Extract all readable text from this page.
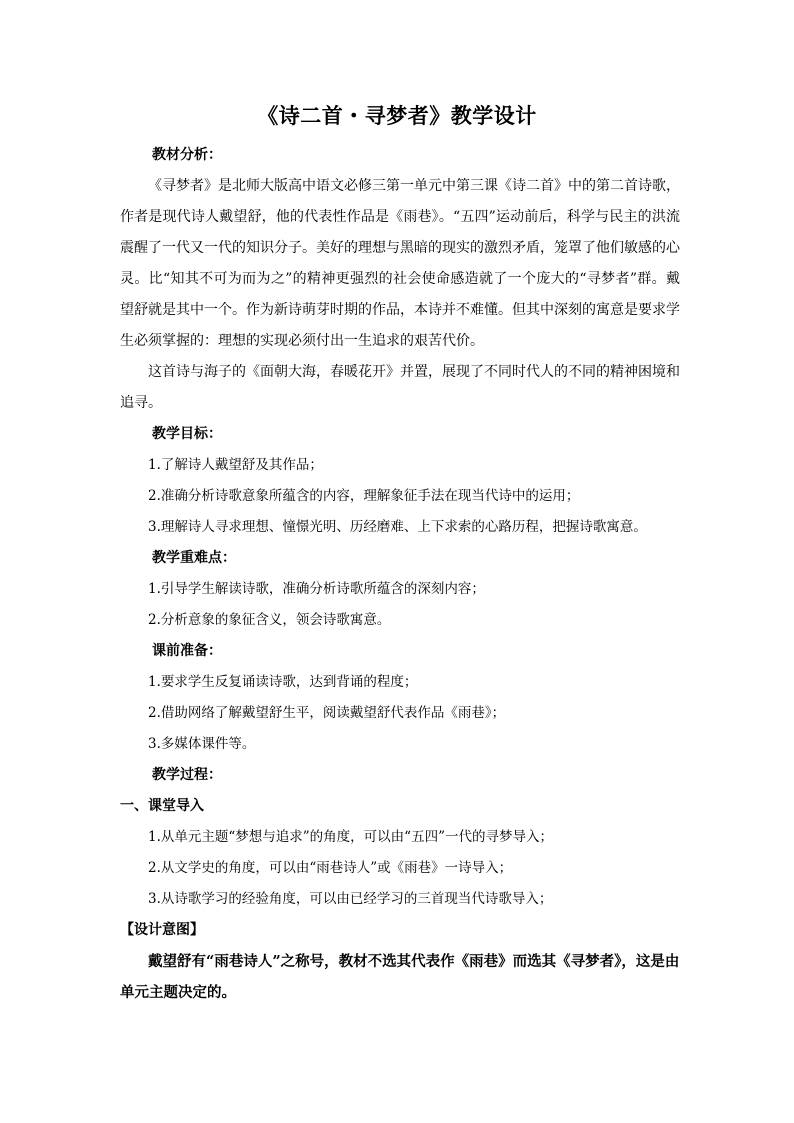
《诗二首・寻梦者》教学设计
教材分析：
《寻梦者》是北师大版高中语文必修三第一单元中第三课《诗二首》中的第二首诗歌，作者是现代诗人戴望舒，他的代表性作品是《雨巷》。“五四”运动前后，科学与民主的洪流震醒了一代又一代的知识分子。美好的理想与黑暗的现实的激烈矛盾，笼罩了他们敏感的心灵。比“知其不可为而为之”的精神更强烈的社会使命感造就了一个庞大的“寻梦者”群。戴望舒就是其中一个。作为新诗萌芽时期的作品，本诗并不难懂。但其中深刻的寓意是要求学生必须掌握的：理想的实现必须付出一生追求的艰苦代价。
这首诗与海子的《面朝大海，春暖花开》并置，展现了不同时代人的不同的精神困境和追寻。
教学目标：
1.了解诗人戴望舒及其作品；
2.准确分析诗歌意象所蕴含的内容，理解象征手法在现当代诗中的运用；
3.理解诗人寻求理想、憧憬光明、历经磨难、上下求索的心路历程，把握诗歌寓意。
教学重难点：
1.引导学生解读诗歌，准确分析诗歌所蕴含的深刻内容；
2.分析意象的象征含义，领会诗歌寓意。
课前准备：
1.要求学生反复诵读诗歌，达到背诵的程度；
2.借助网络了解戴望舒生平，阅读戴望舒代表作品《雨巷》；
3.多媒体课件等。
教学过程：
一、课堂导入
1.从单元主题“梦想与追求”的角度，可以由“五四”一代的寻梦导入；
2.从文学史的角度，可以由“雨巷诗人”或《雨巷》一诗导入；
3.从诗歌学习的经验角度，可以由已经学习的三首现当代诗歌导入；
【设计意图】
戴望舒有“雨巷诗人”之称号，教材不选其代表作《雨巷》而选其《寻梦者》，这是由单元主题决定的。
